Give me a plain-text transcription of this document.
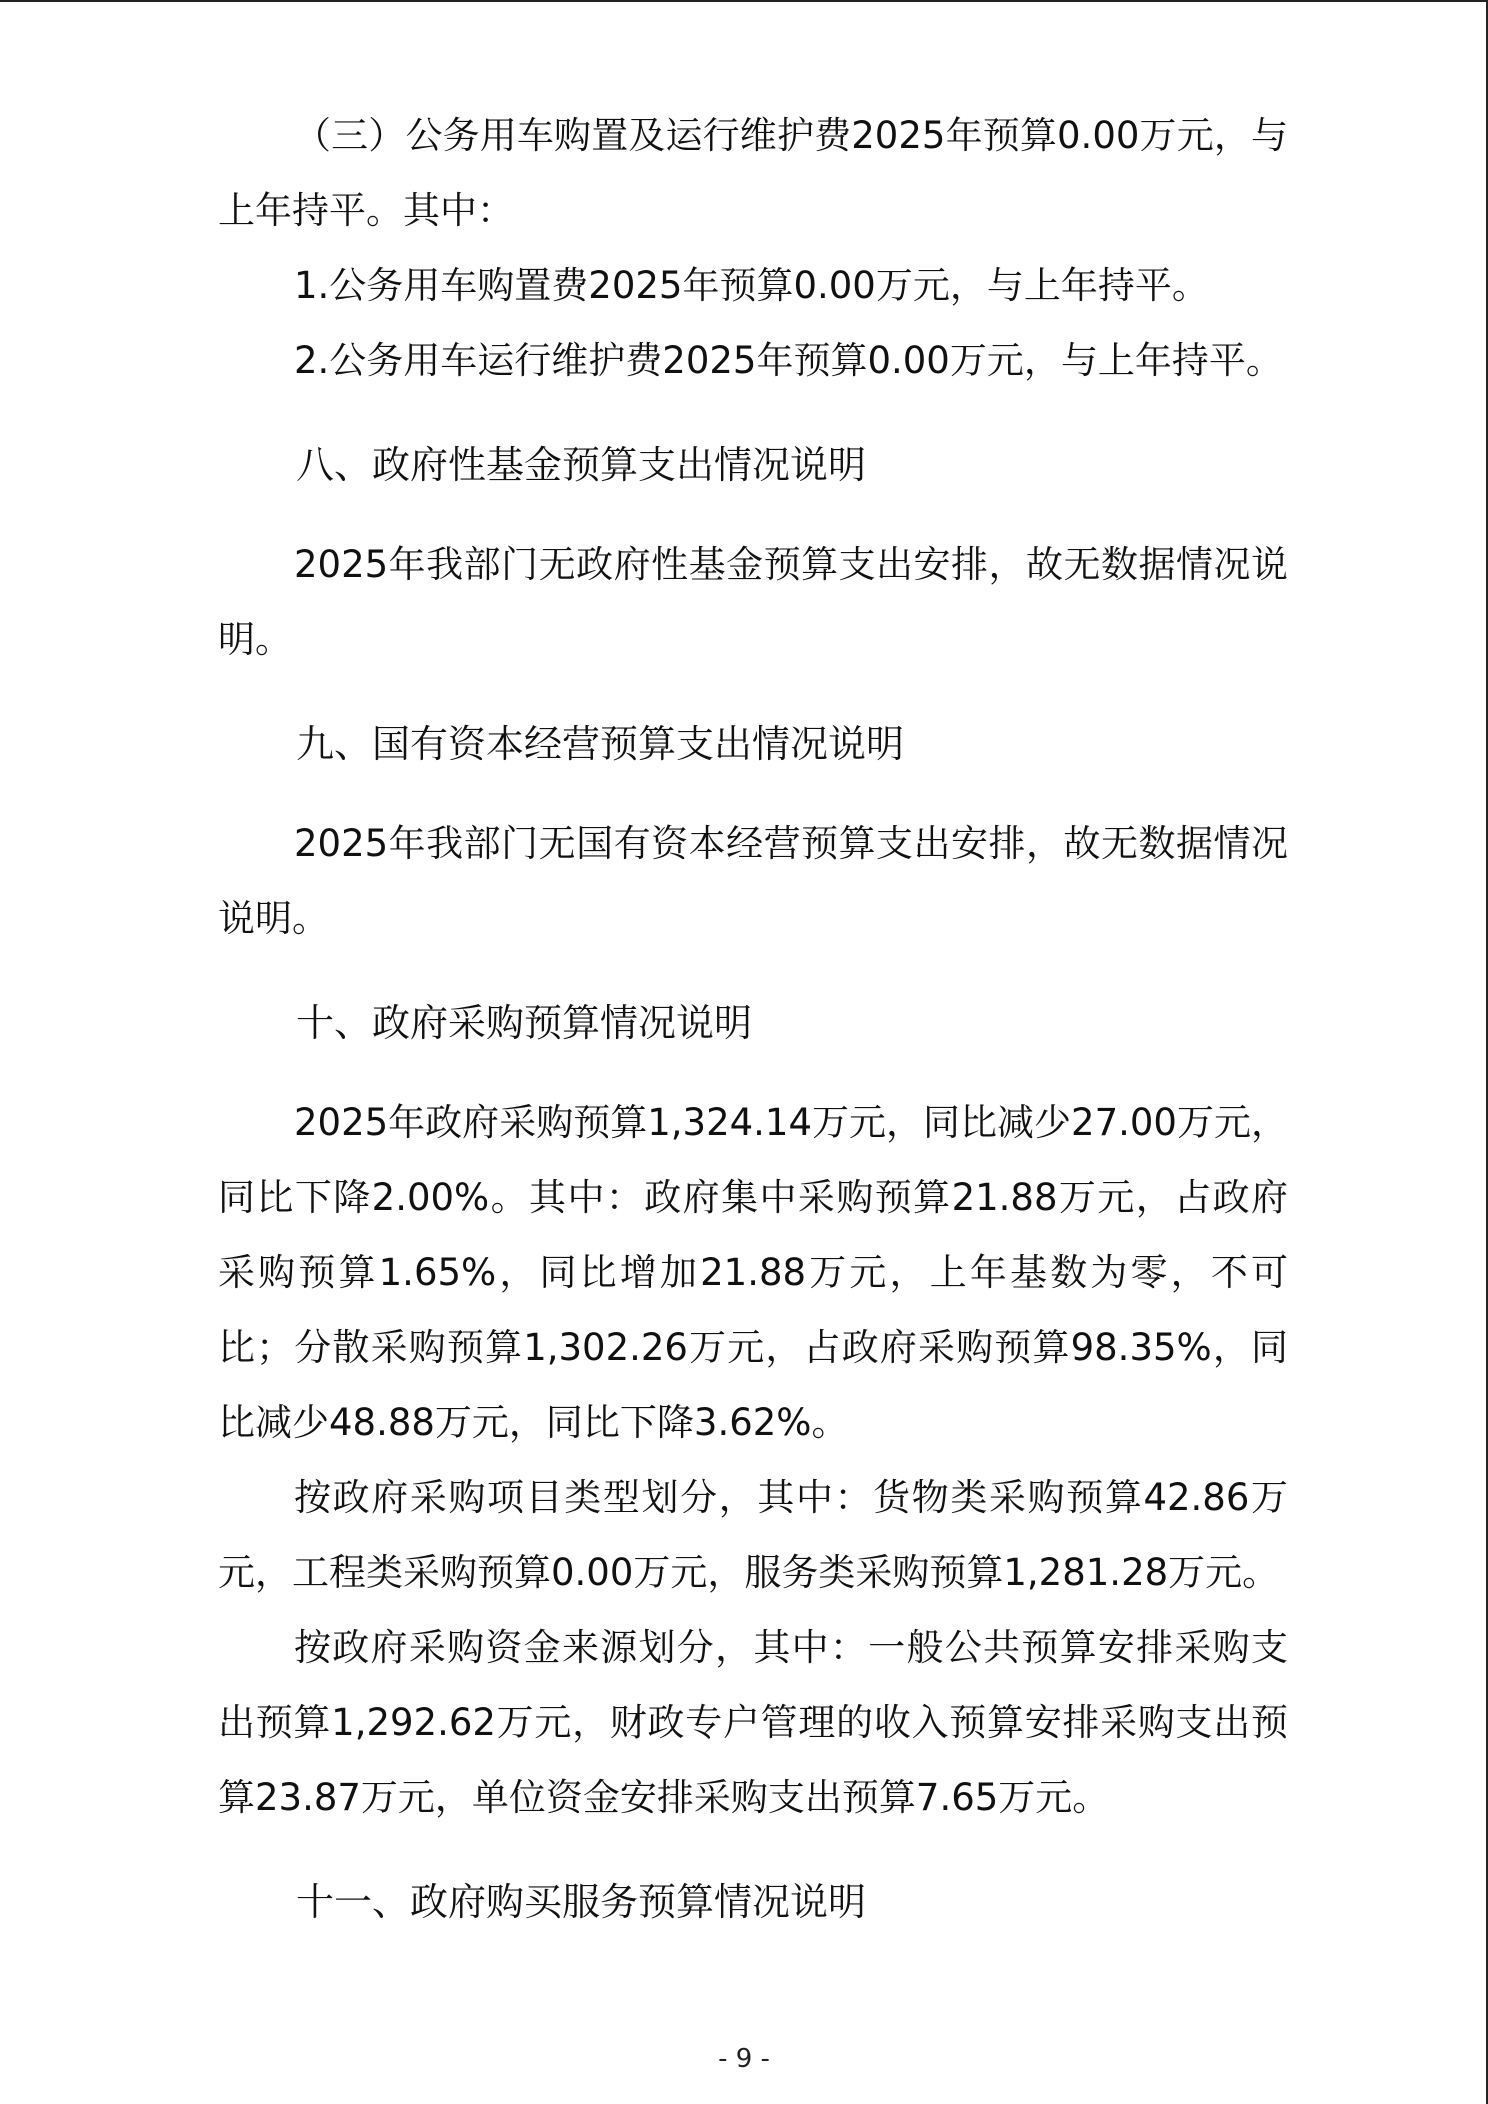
（三）公务用车购置及运行维护费2025年预算0.00万元，与上年持平。其中：

1.公务用车购置费2025年预算0.00万元，与上年持平。

2.公务用车运行维护费2025年预算0.00万元，与上年持平。

八、政府性基金预算支出情况说明

2025年我部门无政府性基金预算支出安排，故无数据情况说明。

九、国有资本经营预算支出情况说明

2025年我部门无国有资本经营预算支出安排，故无数据情况说明。

十、政府采购预算情况说明

2025年政府采购预算1,324.14万元，同比减少27.00万元，同比下降2.00%。其中：政府集中采购预算21.88万元，占政府采购预算1.65%，同比增加21.88万元，上年基数为零，不可比；分散采购预算1,302.26万元，占政府采购预算98.35%，同比减少48.88万元，同比下降3.62%。

按政府采购项目类型划分，其中：货物类采购预算42.86万元，工程类采购预算0.00万元，服务类采购预算1,281.28万元。

按政府采购资金来源划分，其中：一般公共预算安排采购支出预算1,292.62万元，财政专户管理的收入预算安排采购支出预算23.87万元，单位资金安排采购支出预算7.65万元。

十一、政府购买服务预算情况说明

- 9 -
